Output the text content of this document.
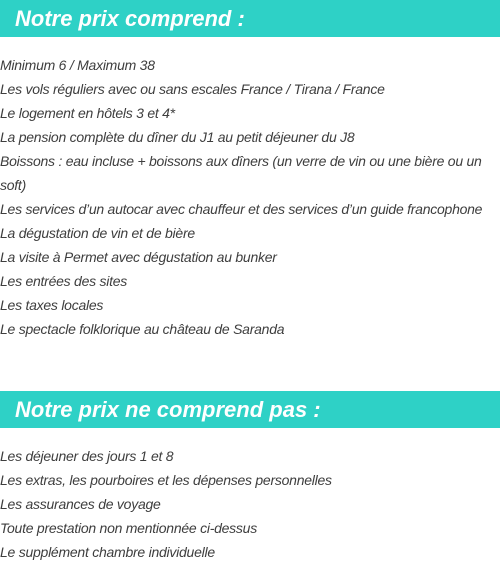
Notre prix comprend :
Minimum 6 / Maximum 38
Les vols réguliers avec ou sans escales France / Tirana / France
Le logement en hôtels 3 et 4*
La pension complète du dîner du J1 au petit déjeuner du J8
Boissons : eau incluse + boissons aux dîners (un verre de vin ou une bière ou un soft)
Les services d’un autocar avec chauffeur et des services d’un guide francophone
La dégustation de vin et de bière
La visite à Permet avec dégustation au bunker
Les entrées des sites
Les taxes locales
Le spectacle folklorique au château de Saranda
Notre prix ne comprend pas :
Les déjeuner des jours 1 et 8
Les extras, les pourboires et les dépenses personnelles
Les assurances de voyage
Toute prestation non mentionnée ci-dessus
Le supplément chambre individuelle
